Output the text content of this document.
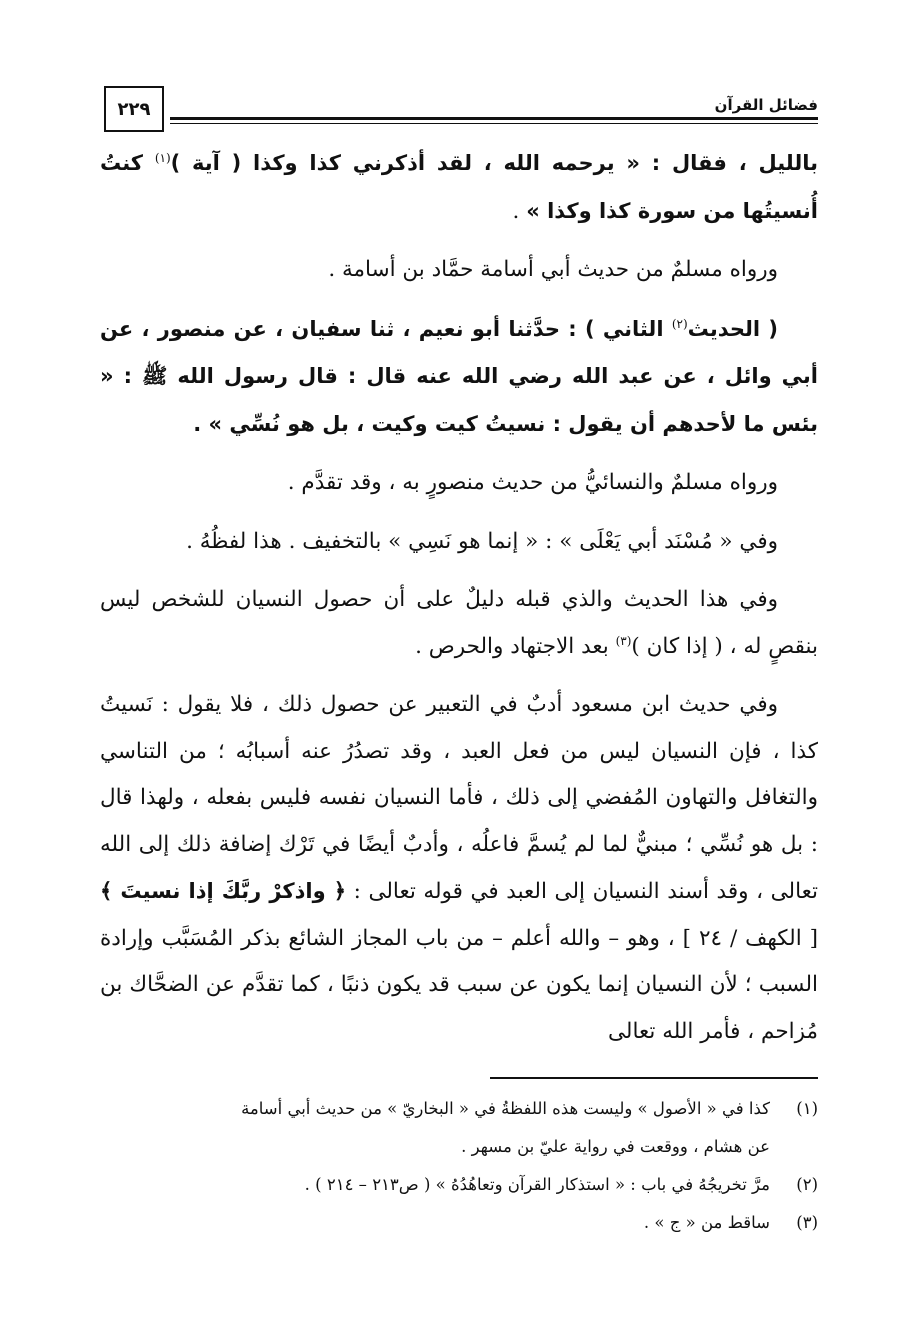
٢٢٩	فضائل القرآن

بالليل ، فقال : « يرحمه الله ، لقد أذكرني كذا وكذا ( آية )$^{(١)}$ كنتُ أُنسيتُها من سورة كذا وكذا » .

ورواه مسلمٌ من حديث أبي أسامة حمَّاد بن أسامة .

( الحديث$^{(٢)}$ الثاني ) : حدَّثنا أبو نعيم ، ثنا سفيان ، عن منصور ، عن أبي وائل ، عن عبد الله رضي الله عنه قال : قال رسول الله ﷺ : « بئس ما لأحدهم أن يقول : نسيتُ كيت وكيت ، بل هو نُسِّي » .

ورواه مسلمٌ والنسائيُّ من حديث منصورٍ به ، وقد تقدَّم .

وفي « مُسْنَد أبي يَعْلَى » : « إنما هو نَسِي » بالتخفيف . هذا لفظُهُ .

وفي هذا الحديث والذي قبله دليلٌ على أن حصول النسيان للشخص ليس بنقصٍ له ، ( إذا كان )$^{(٣)}$ بعد الاجتهاد والحرص .

وفي حديث ابن مسعود أدبٌ في التعبير عن حصول ذلك ، فلا يقول : نَسيتُ كذا ، فإن النسيان ليس من فعل العبد ، وقد تصدُرُ عنه أسبابُه ؛ من التناسي والتغافل والتهاون المُفضي إلى ذلك ، فأما النسيان نفسه فليس بفعله ، ولهذا قال : بل هو نُسِّي ؛ مبنيٌّ لما لم يُسمَّ فاعلُه ، وأدبٌ أيضًا في تَرْك إضافة ذلك إلى الله تعالى ، وقد أسند النسيان إلى العبد في قوله تعالى : ﴿ واذكرْ ربَّكَ إذا نسيتَ ﴾ [ الكهف / ٢٤ ] ، وهو – والله أعلم – من باب المجاز الشائع بذكر المُسَبَّب وإرادة السبب ؛ لأن النسيان إنما يكون عن سبب قد يكون ذنبًا ، كما تقدَّم عن الضحَّاك بن مُزاحم ، فأمر الله تعالى

(١)كذا في « الأصول » وليست هذه اللفظةُ في « البخاريّ » من حديث أبي أسامة

عن هشام ، ووقعت في رواية عليّ بن مسهر .

(٢)مرَّ تخريجُهُ في باب : « استذكار القرآن وتعاهُدُهُ » ( ص٢١٣ – ٢١٤ ) .

(٣)ساقط من « ج » .
